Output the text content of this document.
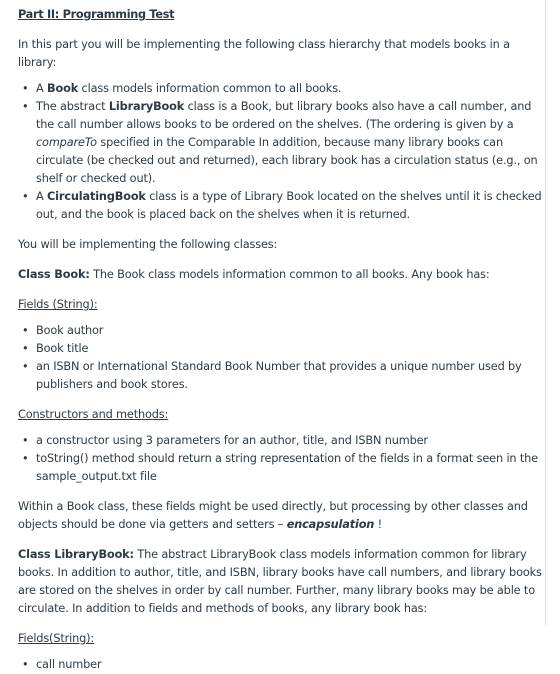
Part II: Programming Test

In this part you will be implementing the following class hierarchy that models books in a library:

• A Book class models information common to all books.
• The abstract LibraryBook class is a Book, but library books also have a call number, and the call number allows books to be ordered on the shelves. (The ordering is given by a compareTo specified in the Comparable In addition, because many library books can circulate (be checked out and returned), each library book has a circulation status (e.g., on shelf or checked out).
• A CirculatingBook class is a type of Library Book located on the shelves until it is checked out, and the book is placed back on the shelves when it is returned.

You will be implementing the following classes:

Class Book: The Book class models information common to all books. Any book has:

Fields (String):

• Book author
• Book title
• an ISBN or International Standard Book Number that provides a unique number used by publishers and book stores.

Constructors and methods:

• a constructor using 3 parameters for an author, title, and ISBN number
• toString() method should return a string representation of the fields in a format seen in the sample_output.txt file

Within a Book class, these fields might be used directly, but processing by other classes and objects should be done via getters and setters – encapsulation !

Class LibraryBook: The abstract LibraryBook class models information common for library books. In addition to author, title, and ISBN, library books have call numbers, and library books are stored on the shelves in order by call number. Further, many library books may be able to circulate. In addition to fields and methods of books, any library book has:

Fields(String):

• call number
